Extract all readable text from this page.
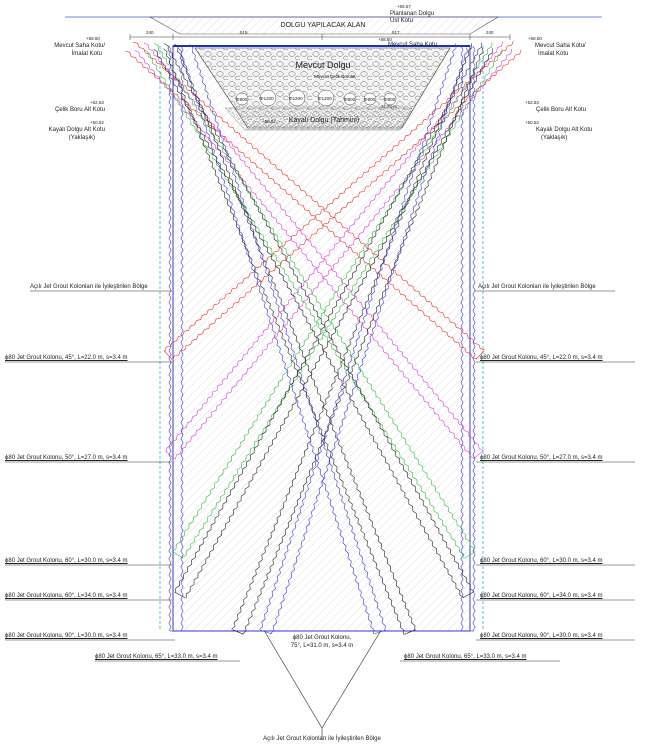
DOLGU YAPILACAK ALAN
+65.57
Planlanan Dolgu
Üst Kotu
240	515	517	240
+58.50
Mevcut Saha Kotu/
İmalat Kotu
+58.50
Mevcut Saha Kotu/
İmalat Kotu
+58.50
Mevcut Saha Kotu
Mevcut Dolgu
Mevcut Çelik Borular
Φ800	Φ1200	Φ1200	Φ1200	Φ800 Φ800 Φ800
11.72 m
Kayalı Dolgu (Tahmini)
+50.52
+52.63
Çelik Boru Alt Kotu
+52.63
Çelik Boru Alt Kotu
+50.52
Kayalı Dolgu Alt Kotu
(Yaklaşık)
+50.52
Kayalı Dolgu Alt Kotu
(Yaklaşık)
Açılı Jet Grout Kolonları ile İyileştirilen Bölge	Açılı Jet Grout Kolonları ile İyileştirilen Bölge
ϕ80 Jet Grout Kolonu, 45°, L=22.0 m, s=3.4 m	ϕ80 Jet Grout Kolonu, 45°, L=22.0 m, s=3.4 m
ϕ80 Jet Grout Kolonu, 50°, L=27.0 m, s=3.4 m	ϕ80 Jet Grout Kolonu, 50°, L=27.0 m, s=3.4 m
ϕ80 Jet Grout Kolonu, 60°, L=30.0 m, s=3.4 m	ϕ80 Jet Grout Kolonu, 60°, L=30.0 m, s=3.4 m
ϕ80 Jet Grout Kolonu, 60°, L=34.0 m, s=3.4 m	ϕ80 Jet Grout Kolonu, 60°, L=34.0 m, s=3.4 m
ϕ80 Jet Grout Kolonu, 90°, L=30.0 m, s=3.4 m	ϕ80 Jet Grout Kolonu, 90°, L=30.0 m, s=3.4 m
ϕ80 Jet Grout Kolonu, 65°, L=33.0 m, s=3.4 m	ϕ80 Jet Grout Kolonu, 65°, L=33.0 m, s=3.4 m
ϕ80 Jet Grout Kolonu,
75°, L=31.0 m, s=3.4 m
Açılı Jet Grout Kolonları ile İyileştirilen Bölge
